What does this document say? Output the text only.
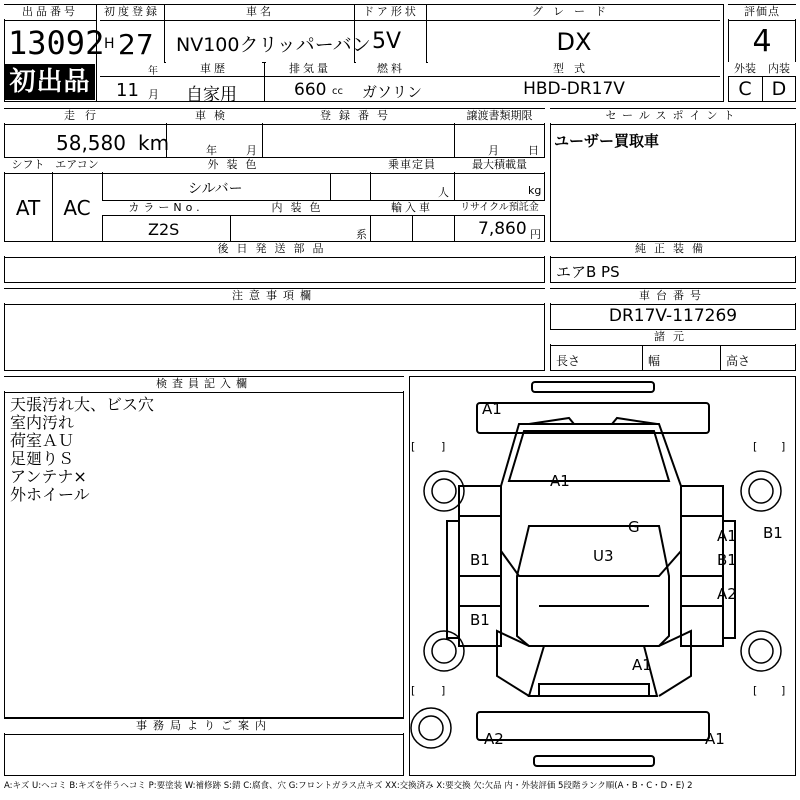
出品番号
13092
初出品
初度登録
H 27
年
11 月
車名
NV100クリッパーバン
ドア形状
5V
グレード
DX
車歴
自家用
排気量
660 cc
燃料
ガソリン
型式
HBD-DR17V
評価点
4
外装	内装
C	D
走行
58,580 km
車検
年	月
登録番号	譲渡書類期限
月	日
シフト エアコン
AT	AC
外装色
シルバー
乗車定員
人
最大積載量
kg
カラーNo.
Z2S
内装色
系
輸入車	リサイクル預託金
7,860 円
後日発送部品
セールスポイント
ユーザー買取車
純正装備
エアB PS
注意事項欄	車台番号
DR17V-117269
諸元
長さ	幅	高さ
検査員記入欄
天張汚れ大、ビス穴
室内汚れ
荷室ＡＵ
足廻りＳ
アンテナ×
外ホイール
事務局よりご案内
[ ]	[ ]
[ ]	[ ]
A1
A1
G
U3
B1
B1
A1
B1
B1
A2
A1
A2	A1
A:キズ U:ヘコミ B:キズを伴うヘコミ P:要塗装 W:補修跡 S:錆 C:腐食、穴 G:フロントガラス点キズ XX:交換済み X:要交換 欠:欠品 内・外装評価 5段階ランク順(A・B・C・D・E) 2
